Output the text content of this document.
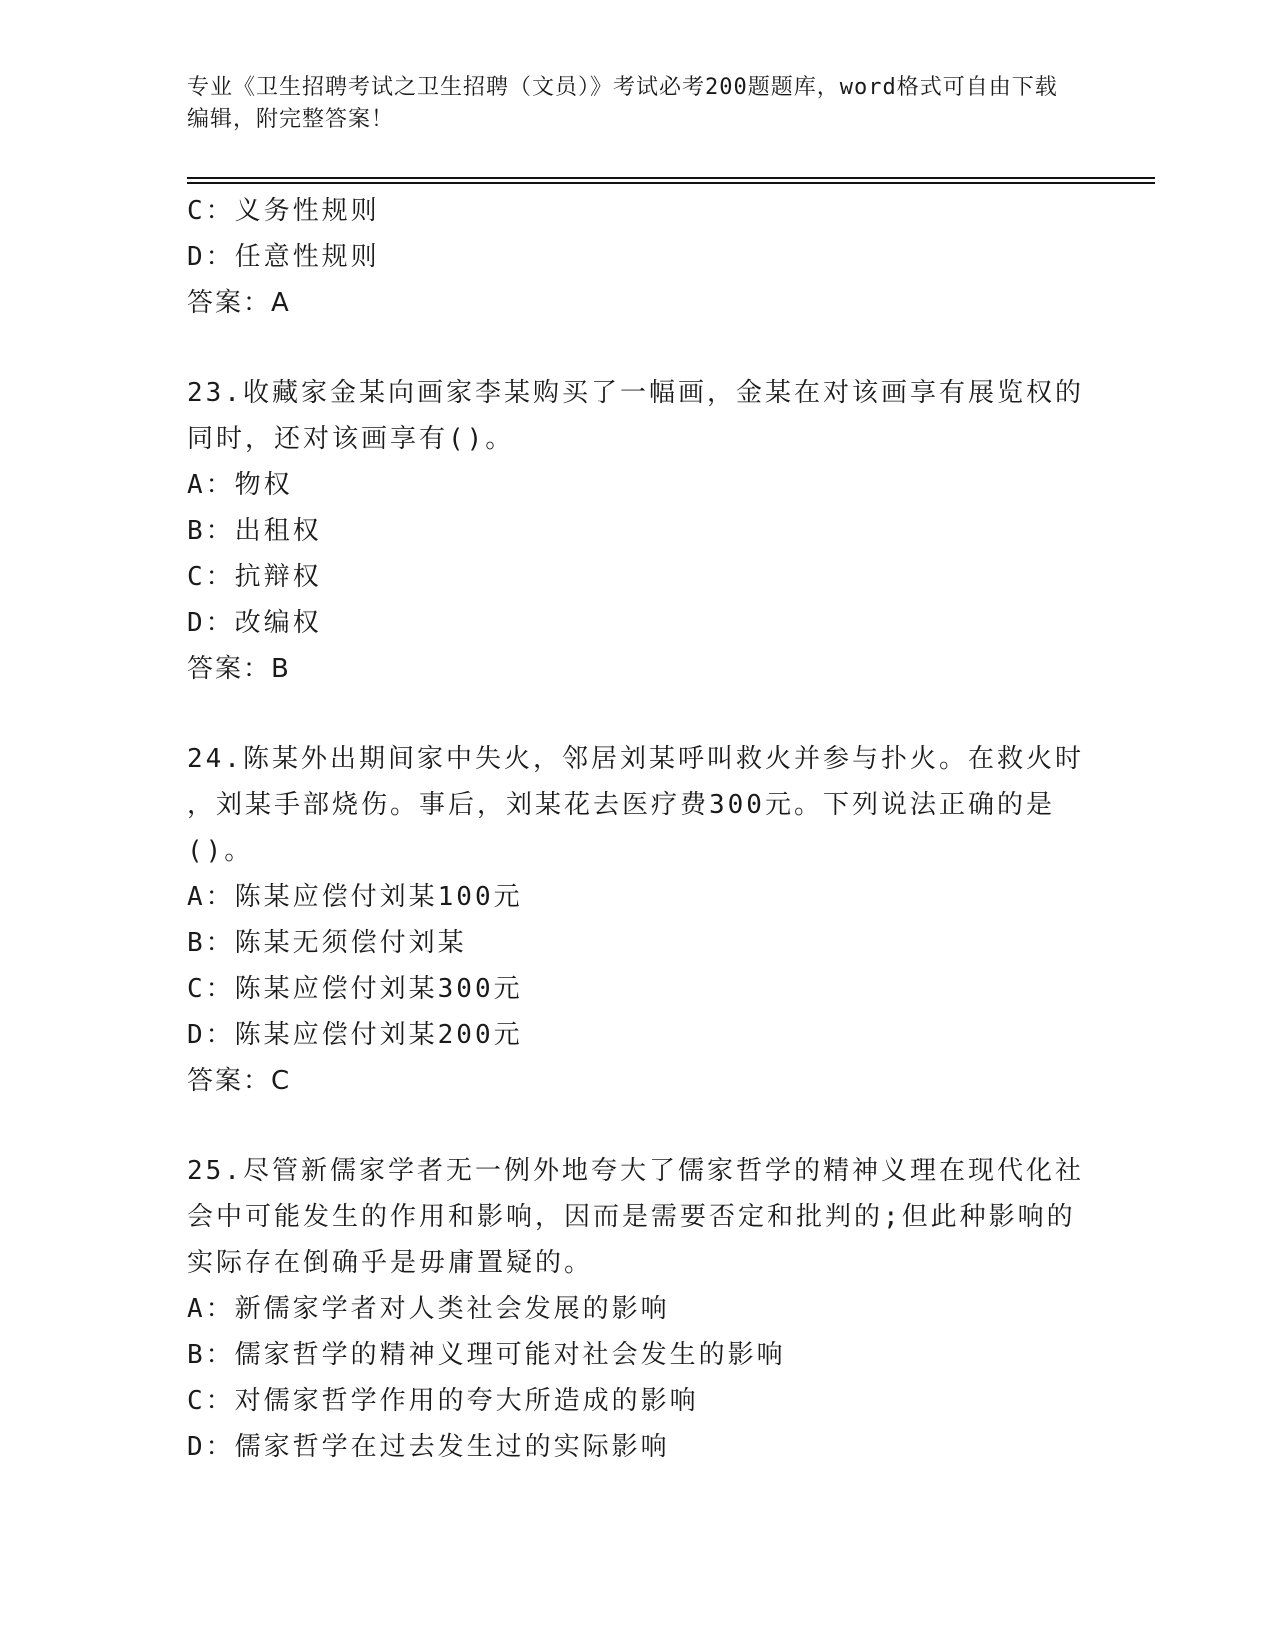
专业《卫生招聘考试之卫生招聘（文员）》考试必考200题题库，word格式可自由下载编辑，附完整答案！
C：义务性规则
D：任意性规则
答案：A
23.收藏家金某向画家李某购买了一幅画，金某在对该画享有展览权的
同时，还对该画享有()。
A：物权
B：出租权
C：抗辩权
D：改编权
答案：B
24.陈某外出期间家中失火，邻居刘某呼叫救火并参与扑火。在救火时
，刘某手部烧伤。事后，刘某花去医疗费300元。下列说法正确的是
()。
A：陈某应偿付刘某100元
B：陈某无须偿付刘某
C：陈某应偿付刘某300元
D：陈某应偿付刘某200元
答案：C
25.尽管新儒家学者无一例外地夸大了儒家哲学的精神义理在现代化社
会中可能发生的作用和影响，因而是需要否定和批判的;但此种影响的
实际存在倒确乎是毋庸置疑的。
A：新儒家学者对人类社会发展的影响
B：儒家哲学的精神义理可能对社会发生的影响
C：对儒家哲学作用的夸大所造成的影响
D：儒家哲学在过去发生过的实际影响
